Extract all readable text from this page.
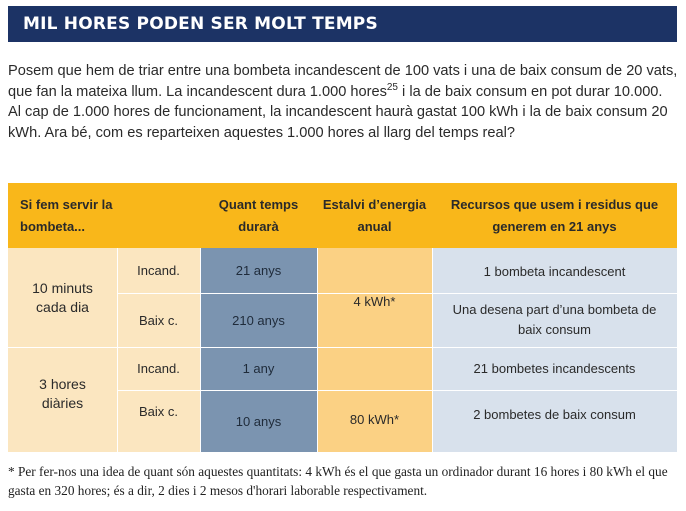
MIL HORES PODEN SER MOLT TEMPS
Posem que hem de triar entre una bombeta incandescent de 100 vats i una de baix consum de 20 vats, que fan la mateixa llum. La incandescent dura 1.000 hores$^{25}$ i la de baix consum en pot durar 10.000. Al cap de 1.000 hores de funcionament, la incandescent haurà gastat 100 kWh i la de baix consum 20 kWh. Ara bé, com es reparteixen aquestes 1.000 hores al llarg del temps real?
Si fem servir la bombeta...
Quant temps durarà
Estalvi d’energia anual
Recursos que usem i residus que generem en 21 anys
10 minuts cada dia
Incand.
Baix c.
21 anys
210 anys
4 kWh*
1 bombeta incandescent
Una desena part d’una bombeta de baix consum
3 hores diàries
Incand.
Baix c.
1 any
10 anys	80 kWh*
21 bombetes incandescents
2 bombetes de baix consum
* Per fer-nos una idea de quant són aquestes quantitats: 4 kWh és el que gasta un ordinador durant 16 hores i 80 kWh el que gasta en 320 hores; és a dir, 2 dies i 2 mesos d'horari laborable respectivament.
